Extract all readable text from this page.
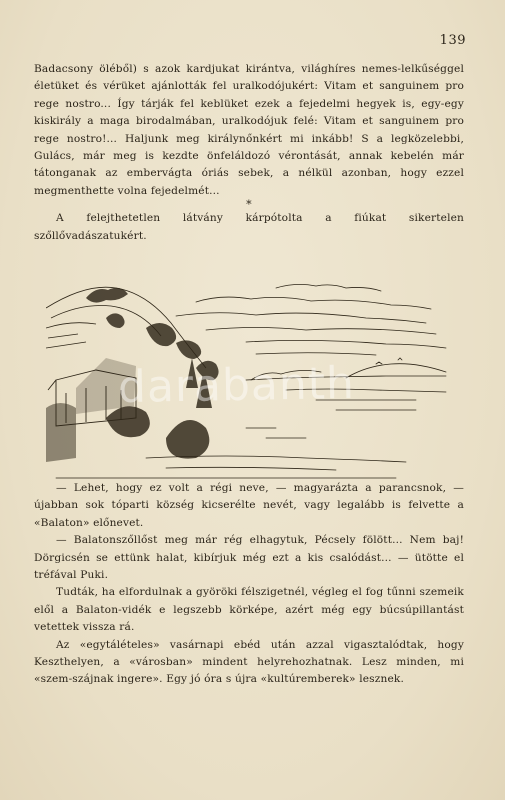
139

Badacsony öléből) s azok kardjukat kirántva, világhíres nemes-lelkűséggel életüket és vérüket ajánlották fel uralkodójukért: Vitam et sanguinem pro rege nostro... Így tárják fel keblüket ezek a fejedelmi hegyek is, egy-egy kiskirály a maga birodalmában, uralkodójuk felé: Vitam et sanguinem pro rege nostro!... Haljunk meg királynőnkért mi inkább! S a legközelebbi, Gulács, már meg is kezdte önfeláldozó vérontását, annak kebelén már tátonganak az embervágta óriás sebek, a nélkül azonban, hogy ezzel megmenthette volna fejedelmét...

*

A felejthetetlen látvány kárpótolta a fiúkat sikertelen szőllővadászatukért.

darabanth

— Lehet, hogy ez volt a régi neve, — magyarázta a parancsnok, — újabban sok tóparti község kicserélte nevét, vagy legalább is felvette a «Balaton» előnevet.

— Balatonszőllőst meg már rég elhagytuk, Pécsely fölött... Nem baj! Dörgicsén se ettünk halat, kibírjuk még ezt a kis csalódást... — ütötte el tréfával Puki.

Tudták, ha elfordulnak a györöki félszigetnél, végleg el fog tűnni szemeik elől a Balaton-vidék e legszebb körképe, azért még egy búcsúpillantást vetettek vissza rá.

Az «egytálételes» vasárnapi ebéd után azzal vigasztalódtak, hogy Keszthelyen, a «városban» mindent helyrehozhatnak. Lesz minden, mi «szem-szájnak ingere». Egy jó óra s újra «kultúremberek» lesznek.
